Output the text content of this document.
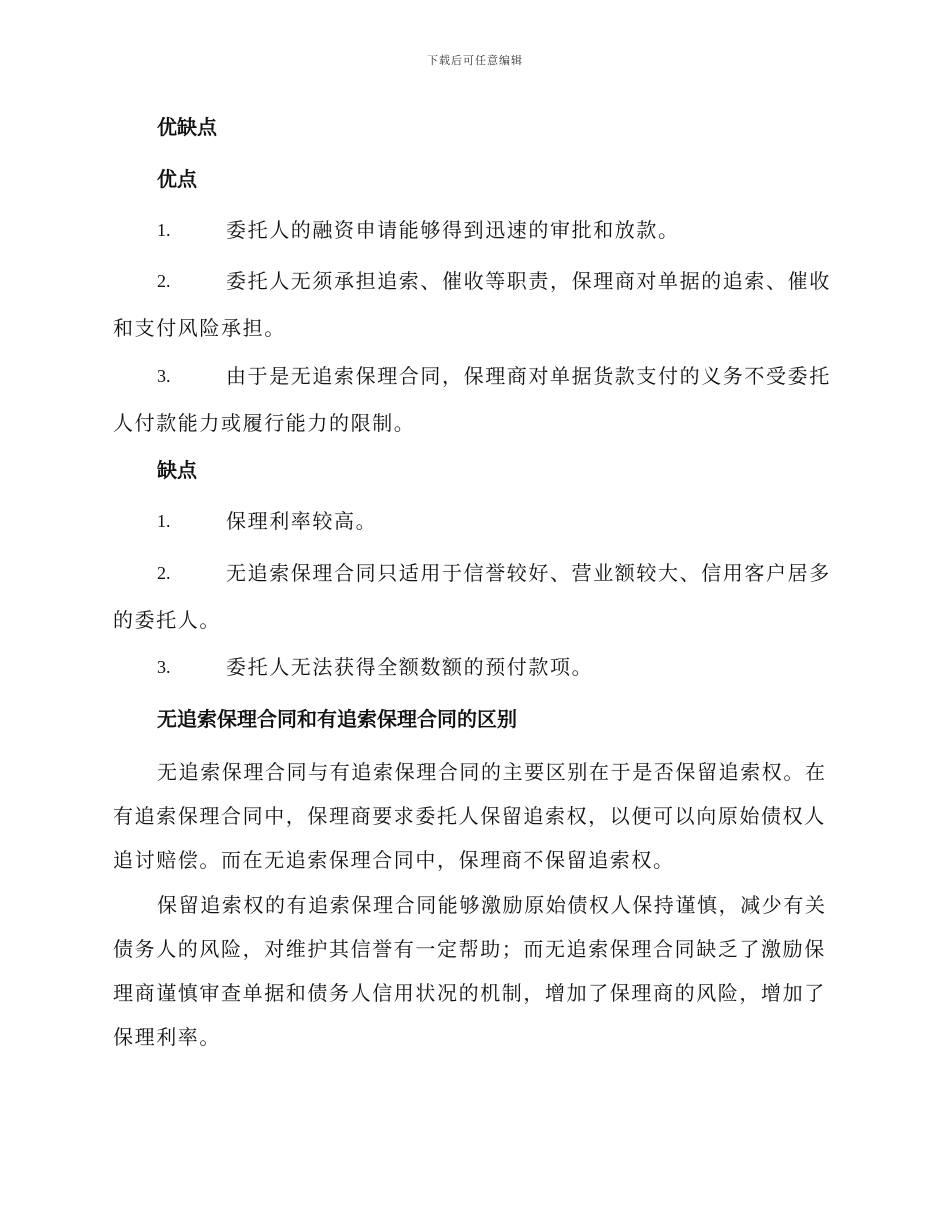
下载后可任意编辑
优缺点
优点
1.	委托人的融资申请能够得到迅速的审批和放款。
2.	委托人无须承担追索、催收等职责，保理商对单据的追索、催收和支付风险承担。
3.	由于是无追索保理合同，保理商对单据货款支付的义务不受委托人付款能力或履行能力的限制。
缺点
1.	保理利率较高。
2.	无追索保理合同只适用于信誉较好、营业额较大、信用客户居多的委托人。
3.	委托人无法获得全额数额的预付款项。
无追索保理合同和有追索保理合同的区别
无追索保理合同与有追索保理合同的主要区别在于是否保留追索权。在有追索保理合同中，保理商要求委托人保留追索权，以便可以向原始债权人追讨赔偿。而在无追索保理合同中，保理商不保留追索权。
保留追索权的有追索保理合同能够激励原始债权人保持谨慎，减少有关债务人的风险，对维护其信誉有一定帮助；而无追索保理合同缺乏了激励保理商谨慎审查单据和债务人信用状况的机制，增加了保理商的风险，增加了保理利率。
